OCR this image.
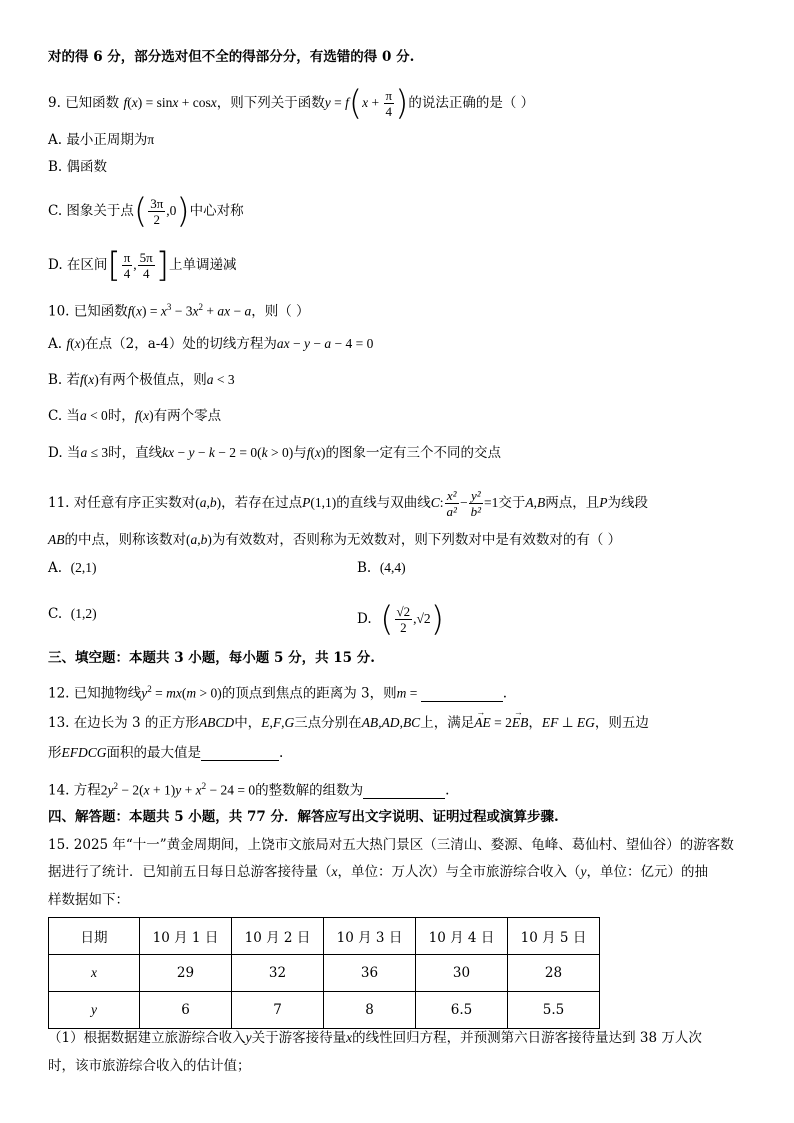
对的得 6 分，部分选对但不全的得部分分，有选错的得 0 分.
9. 已知函数 f(x) = sinx + cosx，则下列关于函数$y = f(x + \frac{\pi}{4}$ )的说法正确的是（ ）
A. 最小正周期为π
B. 偶函数
C. 图象关于点( $\frac{3\pi}{2} ,0$)中心对称
D. 在区间[ $\frac{\pi}{4}$ , $\frac{5\pi}{4}$ ]上单调递减
10. 已知函数$f(x) = x^3 - 3x^2$ + ax − a，则（ ）
A. f(x)在点（2，a-4）处的切线方程为ax − y − a − 4 = 0
B. 若f(x)有两个极值点，则a < 3
C. 当a < 0时，f(x)有两个零点
D. 当a ≤ 3时，直线kx − y − k − 2 = 0(k > 0)与f(x)的图象一定有三个不同的交点
11. 对任意有序正实数对(a,b)，若存在过点P(1,1)的直线与双曲线C: $\frac{\text{x²}}{\text{a²}} - \frac{\text{y²}}{\text{b²}} =1$交于A,B两点，且P为线段
AB的中点，则称该数对(a,b)为有效数对，否则称为无效数对，则下列数对中是有效数对的有（ ）
A. (2,1)	B. (4,4)
C. (1,2)	D. ( $\frac{√2}{2} ,√2$)
三、填空题：本题共 3 小题，每小题 5 分，共 15 分.
12. 已知抛物线$y^2 = mx(m > 0)$的顶点到焦点的距离为 3，则m =	.
13. 在边长为 3 的正方形ABCD中，E,F,G三点分别在AB,AD,BC上，满足→ AE = 2→ EB，EF ⊥ EG，则五边
形EFDCG面积的最大值是	.
14. 方程$2y^2 - 2(x + 1)y + x^2 - 24 = 0$的整数解的组数为	.
四、解答题：本题共 5 小题，共 77 分．解答应写出文字说明、证明过程或演算步骤.
15. 2025 年“十一”黄金周期间，上饶市文旅局对五大热门景区（三清山、婺源、龟峰、葛仙村、望仙谷）的游客数
据进行了统计．已知前五日每日总游客接待量（x，单位：万人次）与全市旅游综合收入（y，单位：亿元）的抽
样数据如下：
日期	10 月 1 日	10 月 2 日	10 月 3 日	10 月 4 日	10 月 5 日
x	29	32	36	30	28
y	6	7	8	6.5	5.5
（1）根据数据建立旅游综合收入y关于游客接待量x的线性回归方程，并预测第六日游客接待量达到 38 万人次
时，该市旅游综合收入的估计值；
